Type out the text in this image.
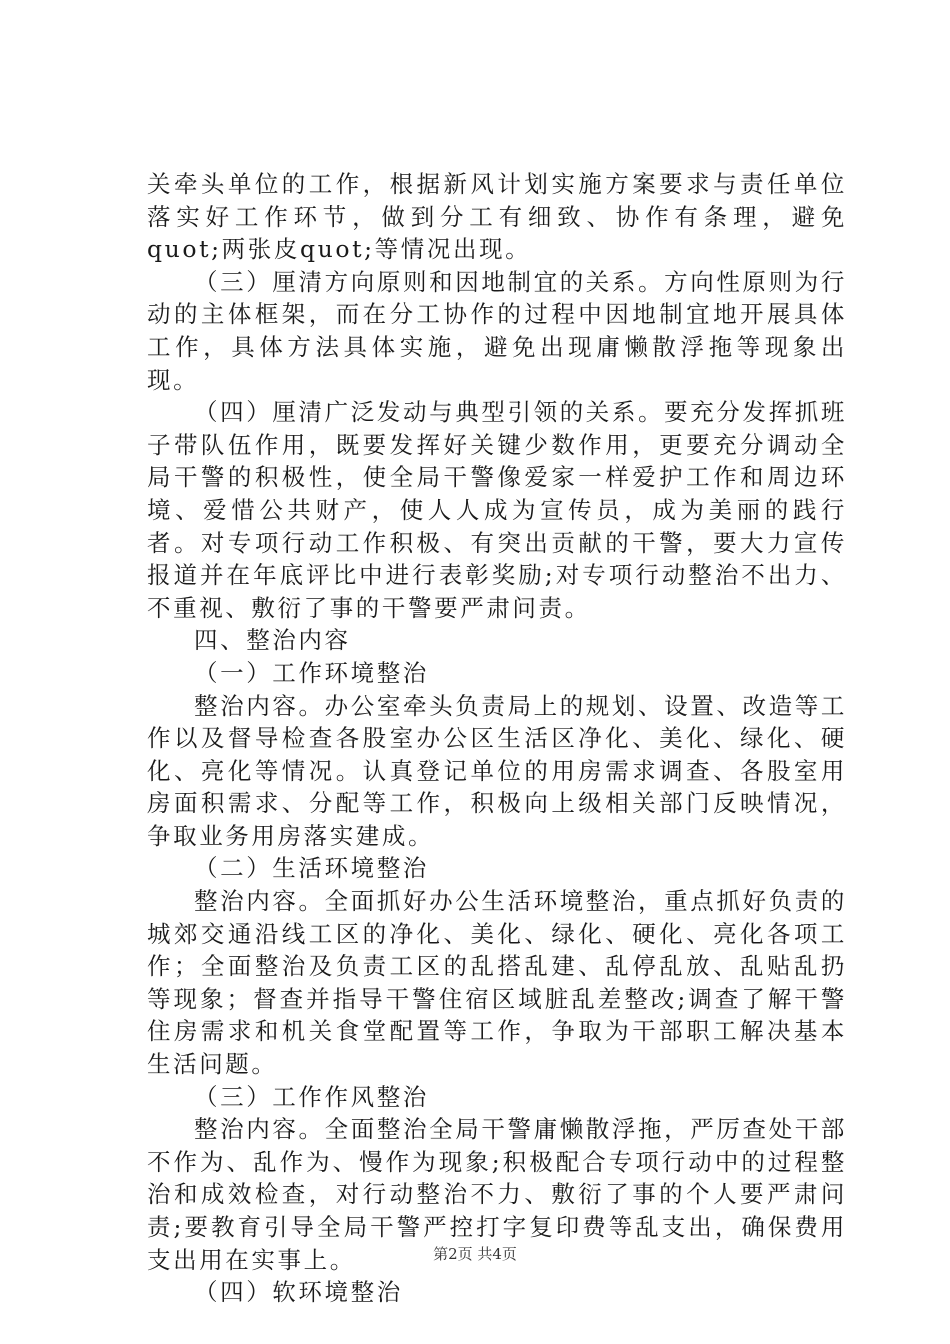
关牵头单位的工作，根据新风计划实施方案要求与责任单位落实好工作环节，做到分工有细致、协作有条理，避免quot;两张皮quot;等情况出现。

（三）厘清方向原则和因地制宜的关系。方向性原则为行动的主体框架，而在分工协作的过程中因地制宜地开展具体工作，具体方法具体实施，避免出现庸懒散浮拖等现象出现。

（四）厘清广泛发动与典型引领的关系。要充分发挥抓班子带队伍作用，既要发挥好关键少数作用，更要充分调动全局干警的积极性，使全局干警像爱家一样爱护工作和周边环境、爱惜公共财产，使人人成为宣传员，成为美丽的践行者。对专项行动工作积极、有突出贡献的干警，要大力宣传报道并在年底评比中进行表彰奖励;对专项行动整治不出力、不重视、敷衍了事的干警要严肃问责。

四、整治内容

（一）工作环境整治

整治内容。办公室牵头负责局上的规划、设置、改造等工作以及督导检查各股室办公区生活区净化、美化、绿化、硬化、亮化等情况。认真登记单位的用房需求调查、各股室用房面积需求、分配等工作，积极向上级相关部门反映情况，争取业务用房落实建成。

（二）生活环境整治

整治内容。全面抓好办公生活环境整治，重点抓好负责的城郊交通沿线工区的净化、美化、绿化、硬化、亮化各项工作；全面整治及负责工区的乱搭乱建、乱停乱放、乱贴乱扔等现象；督查并指导干警住宿区域脏乱差整改;调查了解干警住房需求和机关食堂配置等工作，争取为干部职工解决基本生活问题。

（三）工作作风整治

整治内容。全面整治全局干警庸懒散浮拖，严厉查处干部不作为、乱作为、慢作为现象;积极配合专项行动中的过程整治和成效检查，对行动整治不力、敷衍了事的个人要严肃问责;要教育引导全局干警严控打字复印费等乱支出，确保费用支出用在实事上。

（四）软环境整治

第2页 共4页
